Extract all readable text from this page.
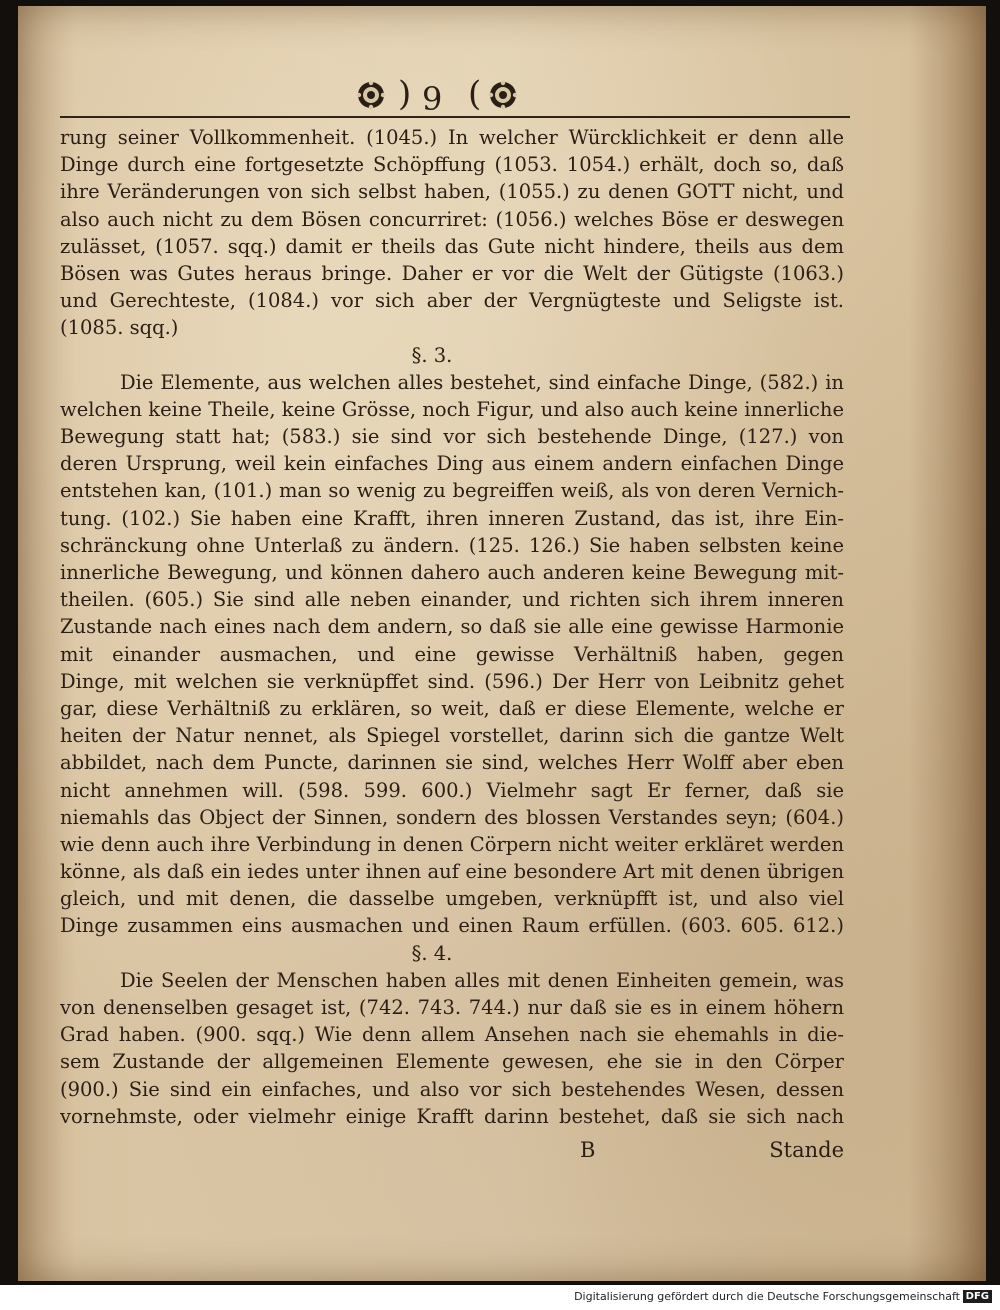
) 9 (
rung seiner Vollkommenheit. (1045.) In welcher Würcklichkeit er denn alle
Dinge durch eine fortgesetzte Schöpffung (1053. 1054.) erhält, doch so, daß
ihre Veränderungen von sich selbst haben, (1055.) zu denen GOTT nicht, und
also auch nicht zu dem Bösen concurriret: (1056.) welches Böse er deswegen
zulässet, (1057. sqq.) damit er theils das Gute nicht hindere, theils aus dem
Bösen was Gutes heraus bringe. Daher er vor die Welt der Gütigste (1063.)
und Gerechteste, (1084.) vor sich aber der Vergnügteste und Seligste ist.
(1085. sqq.)
§. 3.
Die Elemente, aus welchen alles bestehet, sind einfache Dinge, (582.) in
welchen keine Theile, keine Grösse, noch Figur, und also auch keine innerliche
Bewegung statt hat; (583.) sie sind vor sich bestehende Dinge, (127.) von
deren Ursprung, weil kein einfaches Ding aus einem andern einfachen Dinge
entstehen kan, (101.) man so wenig zu begreiffen weiß, als von deren Vernich-
tung. (102.) Sie haben eine Krafft, ihren inneren Zustand, das ist, ihre Ein-
schränckung ohne Unterlaß zu ändern. (125. 126.) Sie haben selbsten keine
innerliche Bewegung, und können dahero auch anderen keine Bewegung mit-
theilen. (605.) Sie sind alle neben einander, und richten sich ihrem inneren
Zustande nach eines nach dem andern, so daß sie alle eine gewisse Harmonie
mit einander ausmachen, und eine gewisse Verhältniß haben, gegen
Dinge, mit welchen sie verknüpffet sind. (596.) Der Herr von Leibnitz gehet
gar, diese Verhältniß zu erklären, so weit, daß er diese Elemente, welche er
heiten der Natur nennet, als Spiegel vorstellet, darinn sich die gantze Welt
abbildet, nach dem Puncte, darinnen sie sind, welches Herr Wolff aber eben
nicht annehmen will. (598. 599. 600.) Vielmehr sagt Er ferner, daß sie
niemahls das Object der Sinnen, sondern des blossen Verstandes seyn; (604.)
wie denn auch ihre Verbindung in denen Cörpern nicht weiter erkläret werden
könne, als daß ein iedes unter ihnen auf eine besondere Art mit denen übrigen
gleich, und mit denen, die dasselbe umgeben, verknüpfft ist, und also viel
Dinge zusammen eins ausmachen und einen Raum erfüllen. (603. 605. 612.)
§. 4.
Die Seelen der Menschen haben alles mit denen Einheiten gemein, was
von denenselben gesaget ist, (742. 743. 744.) nur daß sie es in einem höhern
Grad haben. (900. sqq.) Wie denn allem Ansehen nach sie ehemahls in die-
sem Zustande der allgemeinen Elemente gewesen, ehe sie in den Cörper
(900.) Sie sind ein einfaches, und also vor sich bestehendes Wesen, dessen
vornehmste, oder vielmehr einige Krafft darinn bestehet, daß sie sich nach
B	Stande
Digitalisierung gefördert durch die Deutsche Forschungsgemeinschaft DFG
